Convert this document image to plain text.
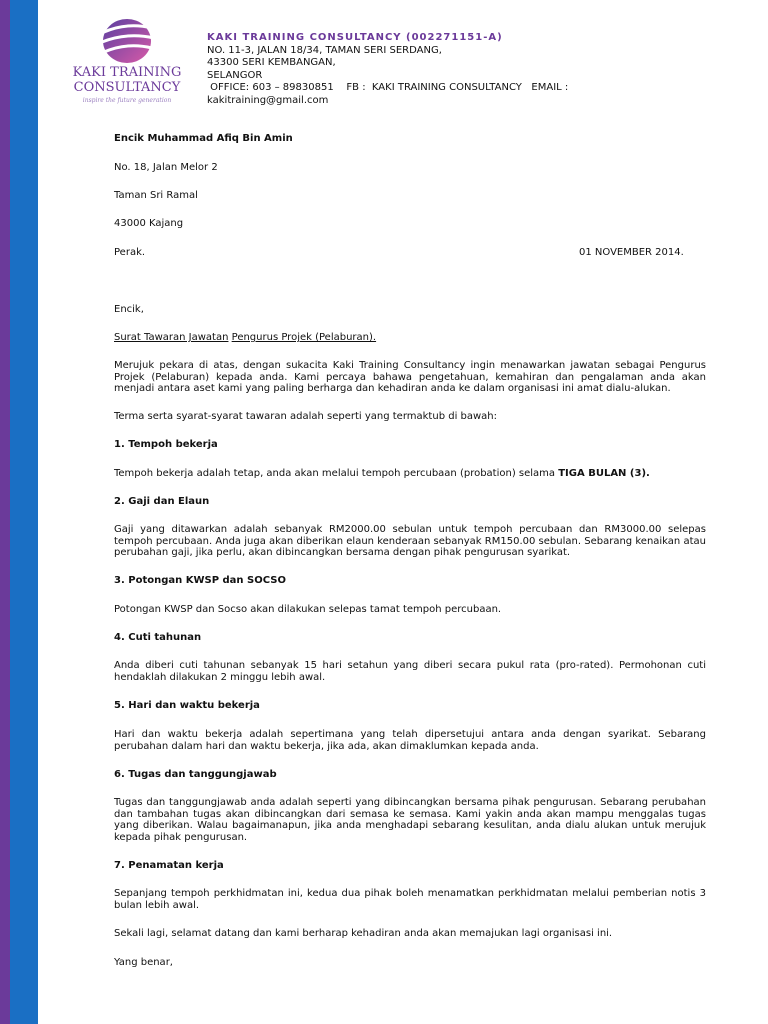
KAKI TRAINING
CONSULTANCY
inspire the future generation
KAKI TRAINING CONSULTANCY (002271151-A)
NO. 11-3, JALAN 18/34, TAMAN SERI SERDANG,
43300 SERI KEMBANGAN,
SELANGOR
OFFICE: 603 – 89830851    FB :  KAKI TRAINING CONSULTANCY   EMAIL :
kakitraining@gmail.com

Encik Muhammad Afiq Bin Amin

No. 18, Jalan Melor 2

Taman Sri Ramal

43000 Kajang

Perak.	01 NOVEMBER 2014.

Encik,

Surat Tawaran Jawatan Pengurus Projek (Pelaburan).

Merujuk pekara di atas, dengan sukacita Kaki Training Consultancy ingin menawarkan jawatan sebagai Pengurus Projek (Pelaburan) kepada anda. Kami percaya bahawa pengetahuan, kemahiran dan pengalaman anda akan menjadi antara aset kami yang paling berharga dan kehadiran anda ke dalam organisasi ini amat dialu-alukan.

Terma serta syarat-syarat tawaran adalah seperti yang termaktub di bawah:

1. Tempoh bekerja

Tempoh bekerja adalah tetap, anda akan melalui tempoh percubaan (probation) selama TIGA BULAN (3).

2. Gaji dan Elaun

Gaji yang ditawarkan adalah sebanyak RM2000.00 sebulan untuk tempoh percubaan dan RM3000.00 selepas tempoh percubaan. Anda juga akan diberikan elaun kenderaan sebanyak RM150.00 sebulan. Sebarang kenaikan atau perubahan gaji, jika perlu, akan dibincangkan bersama dengan pihak pengurusan syarikat.

3. Potongan KWSP dan SOCSO

Potongan KWSP dan Socso akan dilakukan selepas tamat tempoh percubaan.

4. Cuti tahunan

Anda diberi cuti tahunan sebanyak 15 hari setahun yang diberi secara pukul rata (pro-rated). Permohonan cuti hendaklah dilakukan 2 minggu lebih awal.

5. Hari dan waktu bekerja

Hari dan waktu bekerja adalah sepertimana yang telah dipersetujui antara anda dengan syarikat. Sebarang perubahan dalam hari dan waktu bekerja, jika ada, akan dimaklumkan kepada anda.

6. Tugas dan tanggungjawab

Tugas dan tanggungjawab anda adalah seperti yang dibincangkan bersama pihak pengurusan. Sebarang perubahan dan tambahan tugas akan dibincangkan dari semasa ke semasa. Kami yakin anda akan mampu menggalas tugas yang diberikan. Walau bagaimanapun, jika anda menghadapi sebarang kesulitan, anda dialu alukan untuk merujuk kepada pihak pengurusan.

7. Penamatan kerja

Sepanjang tempoh perkhidmatan ini, kedua dua pihak boleh menamatkan perkhidmatan melalui pemberian notis 3 bulan lebih awal.

Sekali lagi, selamat datang dan kami berharap kehadiran anda akan memajukan lagi organisasi ini.

Yang benar,
